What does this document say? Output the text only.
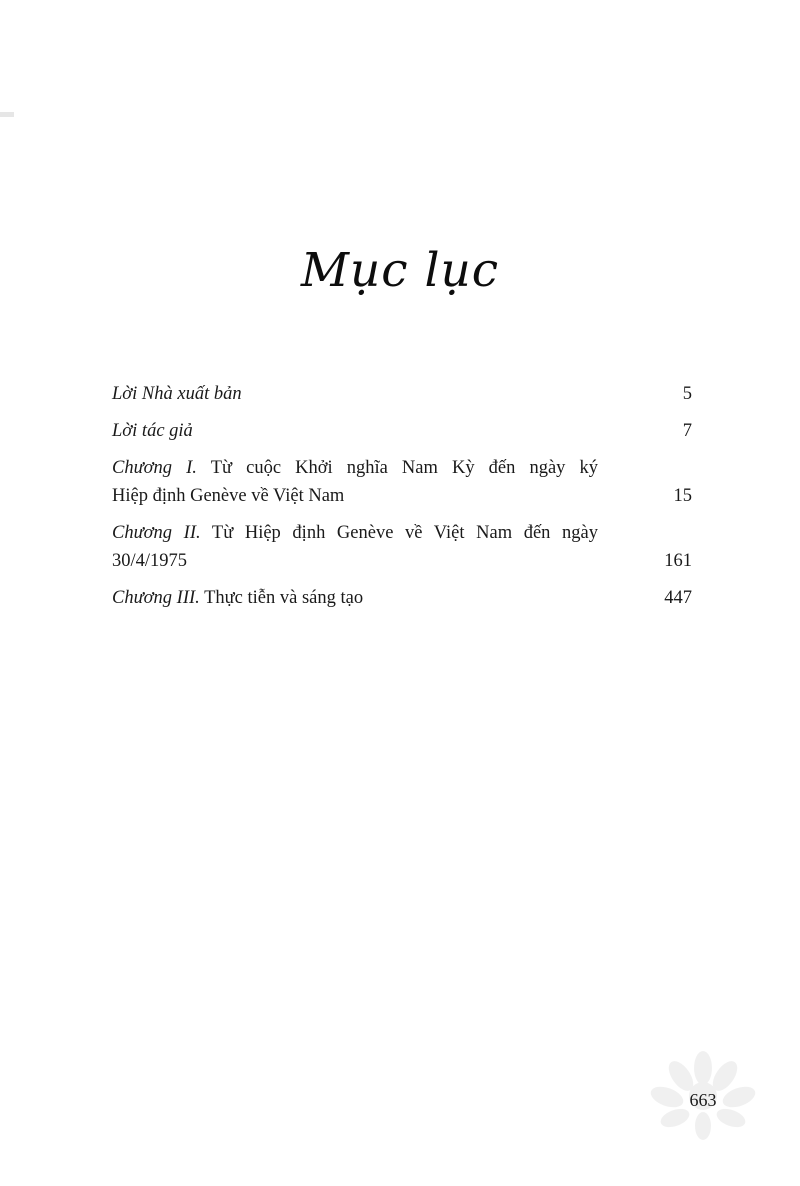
Mục lục
Lời Nhà xuất bản	5
Lời tác giả	7
Chương I. Từ cuộc Khởi nghĩa Nam Kỳ đến ngày ký
Hiệp định Genève về Việt Nam	15
Chương II. Từ Hiệp định Genève về Việt Nam đến ngày
30/4/1975	161
Chương III. Thực tiễn và sáng tạo	447
663
